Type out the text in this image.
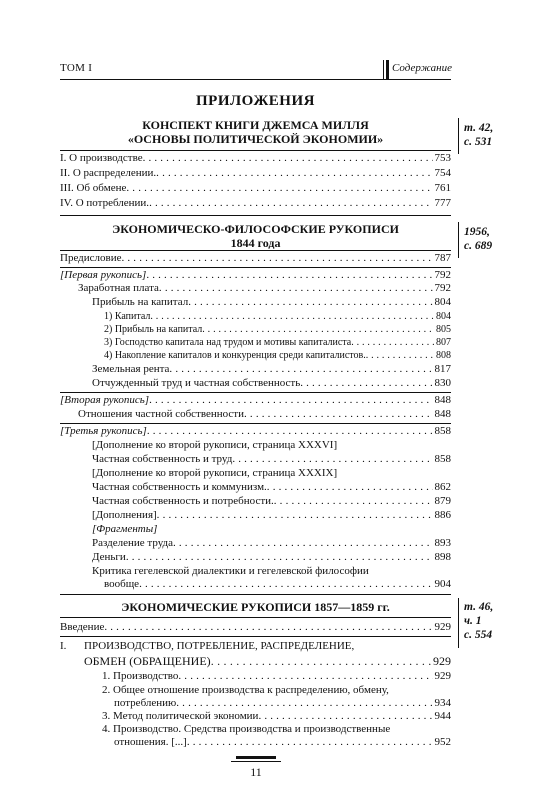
ТОМ I	Содержание
ПРИЛОЖЕНИЯ
КОНСПЕКТ КНИГИ ДЖЕМСА МИЛЛЯ
«ОСНОВЫ ПОЛИТИЧЕСКОЙ ЭКОНОМИИ»
т. 42,
с. 531
I. О производстве . . .	753
II. О распределении. . . .	754
III. Об обмене . . .	761
IV. О потреблении. . . .	777
ЭКОНОМИЧЕСКО-ФИЛОСОФСКИЕ РУКОПИСИ
1844 года
1956,
с. 689
Предисловие . . .	787
[Первая рукопись] . . .	792
Заработная плата . . .	792
Прибыль на капитал . . .	804
1) Капитал . . .	804
2) Прибыль на капитал . . .	805
3) Господство капитала над трудом и мотивы капиталиста . . .	807
4) Накопление капиталов и конкуренция среди капиталистов. . . .	808
Земельная рента . . .	817
Отчужденный труд и частная собственность . . .	830
[Вторая рукопись] . . .	848
Отношения частной собственности . . .	848
[Третья рукопись] . . .	858
[Дополнение ко второй рукописи, страница XXXVI]
Частная собственность и труд . . .	858
[Дополнение ко второй рукописи, страница XXXIX]
Частная собственность и коммунизм. . . .	862
Частная собственность и потребности. . . .	879
[Дополнения] . . .	886
[Фрагменты]
Разделение труда . . .	893
Деньги . . .	898
Критика гегелевской диалектики и гегелевской философии
вообще . . .	904
ЭКОНОМИЧЕСКИЕ РУКОПИСИ 1857—1859 гг.	т. 46,
ч. 1
с. 554
Введение . . .	929
I. ПРОИЗВОДСТВО, ПОТРЕБЛЕНИЕ, РАСПРЕДЕЛЕНИЕ,
ОБМЕН (ОБРАЩЕНИЕ) . . .	929
1. Производство . . .	929
2. Общее отношение производства к распределению, обмену,
потреблению . . .	934
3. Метод политической экономии . . .	944
4. Производство. Средства производства и производственные
отношения. [...] . . .	952
11
